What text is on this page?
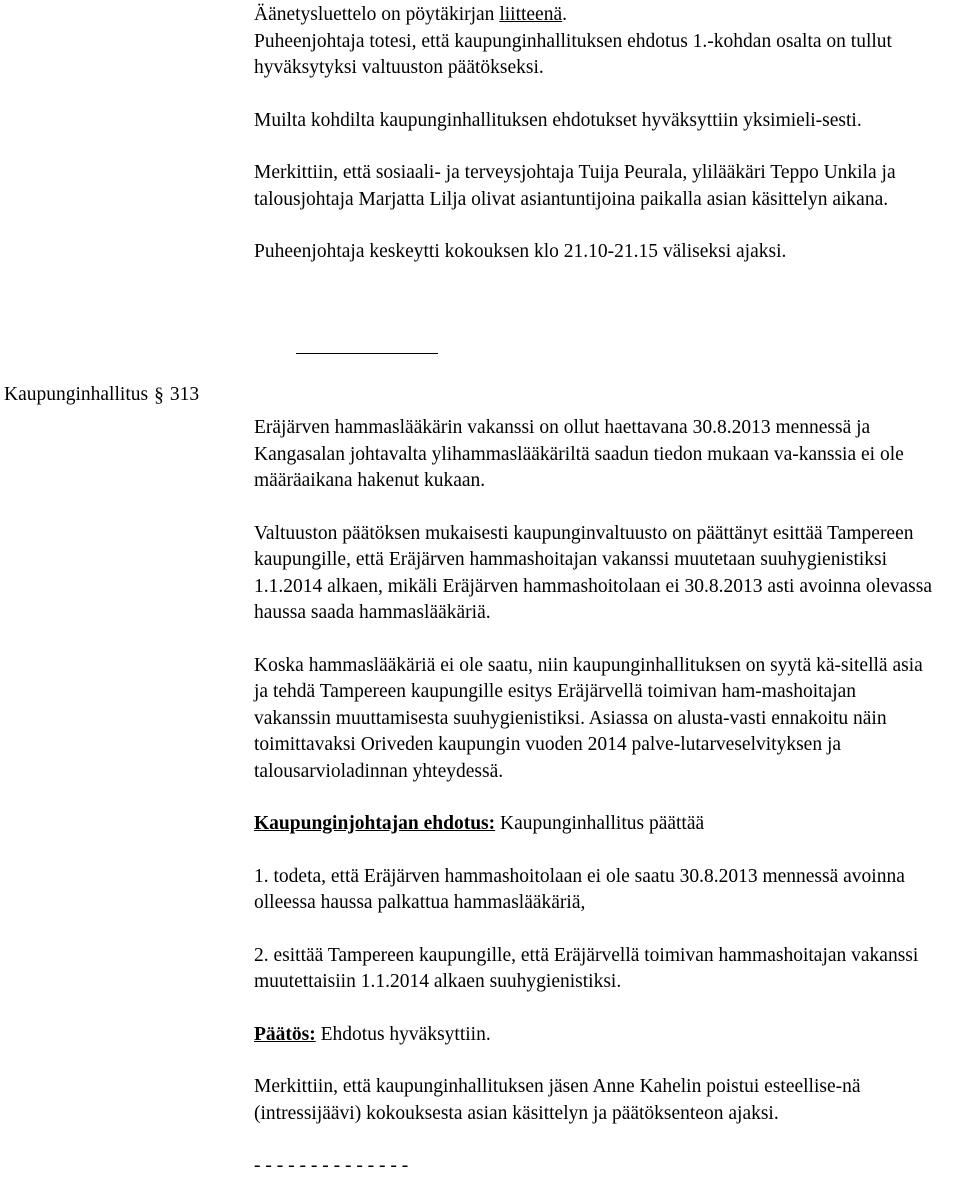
Äänetysluettelo on pöytäkirjan liitteenä.

Puheenjohtaja totesi, että kaupunginhallituksen ehdotus 1.-kohdan osalta on tullut hyväksytyksi valtuuston päätökseksi.

Muilta kohdilta kaupunginhallituksen ehdotukset hyväksyttiin yksimieli-sesti.

Merkittiin, että sosiaali- ja terveysjohtaja Tuija Peurala, ylilääkäri Teppo Unkila ja talousjohtaja Marjatta Lilja olivat asiantuntijoina paikalla asian käsittelyn aikana.

Puheenjohtaja keskeytti kokouksen klo 21.10-21.15 väliseksi ajaksi.

Kaupunginhallitus § 313

Eräjärven hammaslääkärin vakanssi on ollut haettavana 30.8.2013 mennessä ja Kangasalan johtavalta ylihammaslääkäriltä saadun tiedon mukaan va-kanssia ei ole määräaikana hakenut kukaan.

Valtuuston päätöksen mukaisesti kaupunginvaltuusto on päättänyt esittää Tampereen kaupungille, että Eräjärven hammashoitajan vakanssi muutetaan suuhygienistiksi 1.1.2014 alkaen, mikäli Eräjärven hammashoitolaan ei 30.8.2013 asti avoinna olevassa haussa saada hammaslääkäriä.

Koska hammaslääkäriä ei ole saatu, niin kaupunginhallituksen on syytä kä-sitellä asia ja tehdä Tampereen kaupungille esitys Eräjärvellä toimivan ham-mashoitajan vakanssin muuttamisesta suuhygienistiksi. Asiassa on alusta-vasti ennakoitu näin toimittavaksi Oriveden kaupungin vuoden 2014 palve-lutarveselvityksen ja talousarvioladinnan yhteydessä.

Kaupunginjohtajan ehdotus: Kaupunginhallitus päättää

1. todeta, että Eräjärven hammashoitolaan ei ole saatu 30.8.2013 mennessä avoinna olleessa haussa palkattua hammaslääkäriä,

2. esittää Tampereen kaupungille, että Eräjärvellä toimivan hammashoitajan vakanssi muutettaisiin 1.1.2014 alkaen suuhygienistiksi.

Päätös: Ehdotus hyväksyttiin.

Merkittiin, että kaupunginhallituksen jäsen Anne Kahelin poistui esteellise-nä (intressijäävi) kokouksesta asian käsittelyn ja päätöksenteon ajaksi.

- - - - - - - - - - - - - -
